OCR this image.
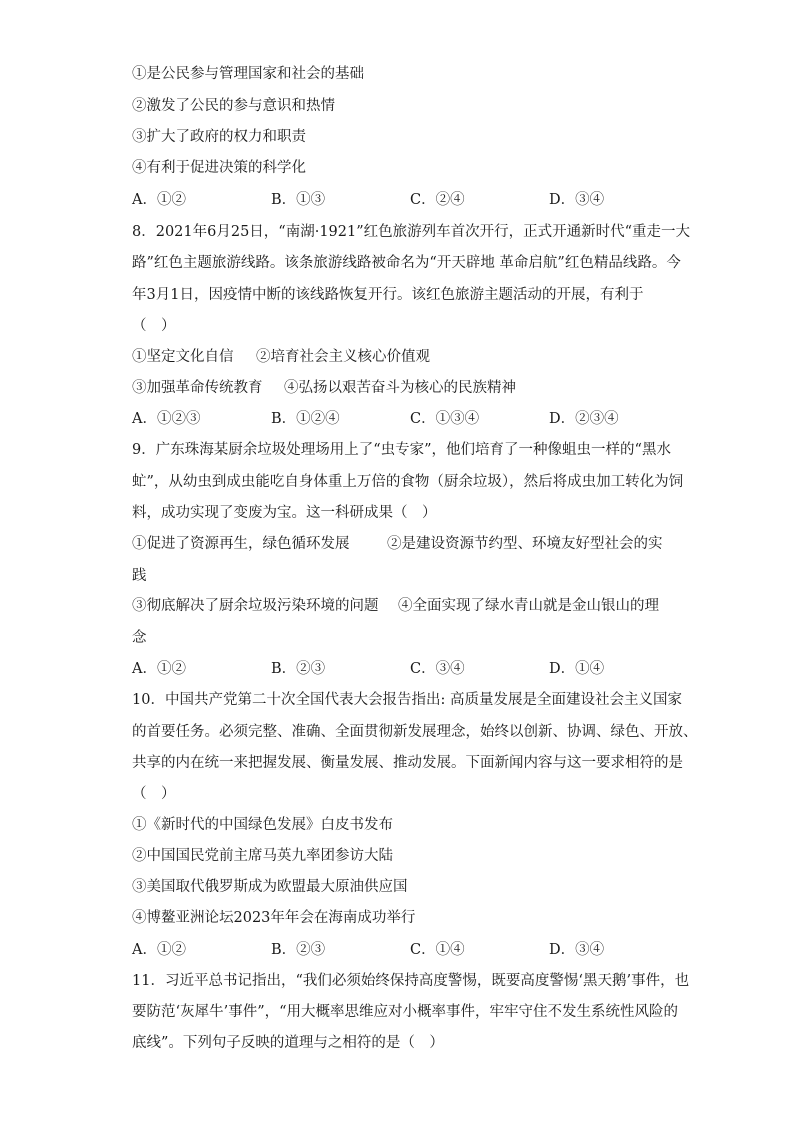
①是公民参与管理国家和社会的基础
②激发了公民的参与意识和热情
③扩大了政府的权力和职责
④有利于促进决策的科学化
A．①②	B．①③	C．②④	D．③④
8．2021年6月25日，“南湖·1921”红色旅游列车首次开行，正式开通新时代“重走一大
路”红色主题旅游线路。该条旅游线路被命名为“开天辟地 革命启航”红色精品线路。今
年3月1日，因疫情中断的该线路恢复开行。该红色旅游主题活动的开展，有利于
（　）
①坚定文化自信 ②培育社会主义核心价值观
③加强革命传统教育 ④弘扬以艰苦奋斗为核心的民族精神
A．①②③	B．①②④	C．①③④	D．②③④
9．广东珠海某厨余垃圾处理场用上了“虫专家”，他们培育了一种像蛆虫一样的“黑水
虻”，从幼虫到成虫能吃自身体重上万倍的食物（厨余垃圾），然后将成虫加工转化为饲
料，成功实现了变废为宝。这一科研成果（　）
①促进了资源再生，绿色循环发展	②是建设资源节约型、环境友好型社会的实
践
③彻底解决了厨余垃圾污染环境的问题 ④全面实现了绿水青山就是金山银山的理
念
A．①②	B．②③	C．③④	D．①④
10．中国共产党第二十次全国代表大会报告指出: 高质量发展是全面建设社会主义国家
的首要任务。必须完整、准确、全面贯彻新发展理念，始终以创新、协调、绿色、开放、
共享的内在统一来把握发展、衡量发展、推动发展。下面新闻内容与这一要求相符的是
（　）
①《新时代的中国绿色发展》白皮书发布
②中国国民党前主席马英九率团参访大陆
③美国取代俄罗斯成为欧盟最大原油供应国
④博鳌亚洲论坛2023年年会在海南成功举行
A．①②	B．②③	C．①④	D．③④
11．习近平总书记指出，“我们必须始终保持高度警惕，既要高度警惕‘黑天鹅’事件，也
要防范‘灰犀牛’事件”，“用大概率思维应对小概率事件，牢牢守住不发生系统性风险的
底线”。下列句子反映的道理与之相符的是（　）
